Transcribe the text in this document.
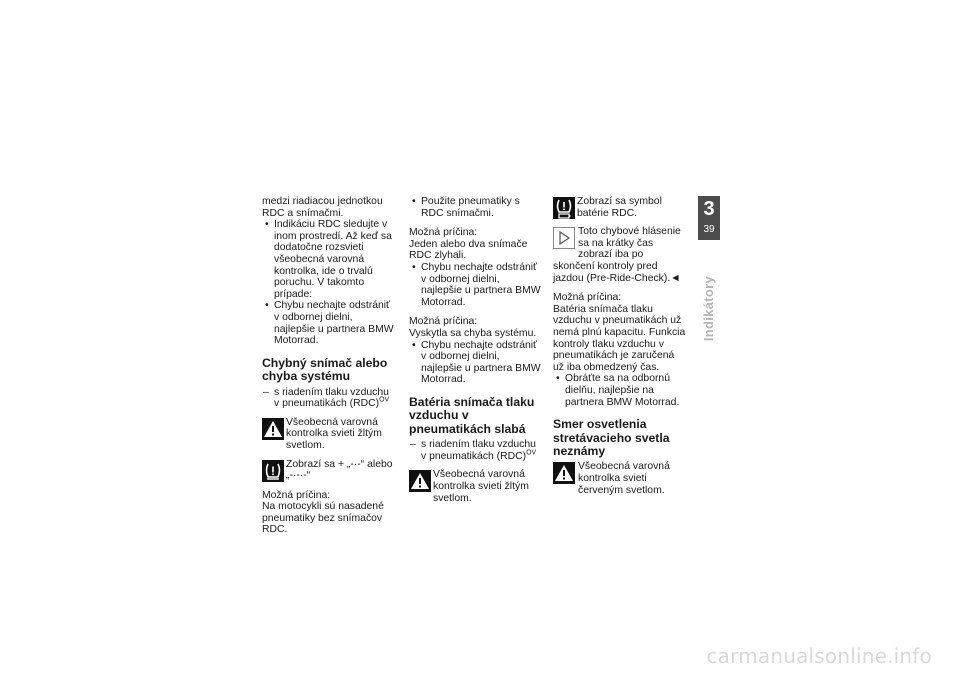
medzi riadiacou jednotkou RDC a snímačmi.

• Indikáciu RDC sledujte v inom prostredí. Až keď sa dodatočne rozsvieti všeobecná varovná kontrolka, ide o trvalú poruchu. V takomto prípade:

• Chybu nechajte odstrániť v odbornej dielni, najlepšie u partnera BMW Motorrad.

Chybný snímač alebo chyba systému

– s riadením tlaku vzduchu v pneumatikách (RDC)$^{OV}$

Všeobecná varovná kontrolka svieti žltým svetlom.

Zobrazí sa + „-·-“ alebo „-·-·-“

Možná príčina:

Na motocykli sú nasadené pneumatiky bez snímačov RDC.

• Použite pneumatiky s RDC snímačmi.

Možná príčina:

Jeden alebo dva snímače RDC zlyhali.

• Chybu nechajte odstrániť v odbornej dielni, najlepšie u partnera BMW Motorrad.

Možná príčina:

Vyskytla sa chyba systému.

• Chybu nechajte odstrániť v odbornej dielni, najlepšie u partnera BMW Motorrad.

Batéria snímača tlaku vzduchu v pneumatikách slabá

– s riadením tlaku vzduchu v pneumatikách (RDC)$^{OV}$

Všeobecná varovná kontrolka svieti žltým svetlom.

Zobrazí sa symbol batérie RDC.

Toto chybové hlásenie sa na krátky čas zobrazí iba po skončení kontroly pred jazdou (Pre-Ride-Check).◄

Možná príčina:

Batéria snímača tlaku vzduchu v pneumatikách už nemá plnú kapacitu. Funkcia kontroly tlaku vzduchu v pneumatikách je zaručená už iba obmedzený čas.

• Obráťte sa na odbornú dielňu, najlepšie na partnera BMW Motorrad.

Smer osvetlenia stretávacieho svetla neznámy

Všeobecná varovná kontrolka svieti červeným svetlom.

3
39
Indikátory
carmanualsonline.info
